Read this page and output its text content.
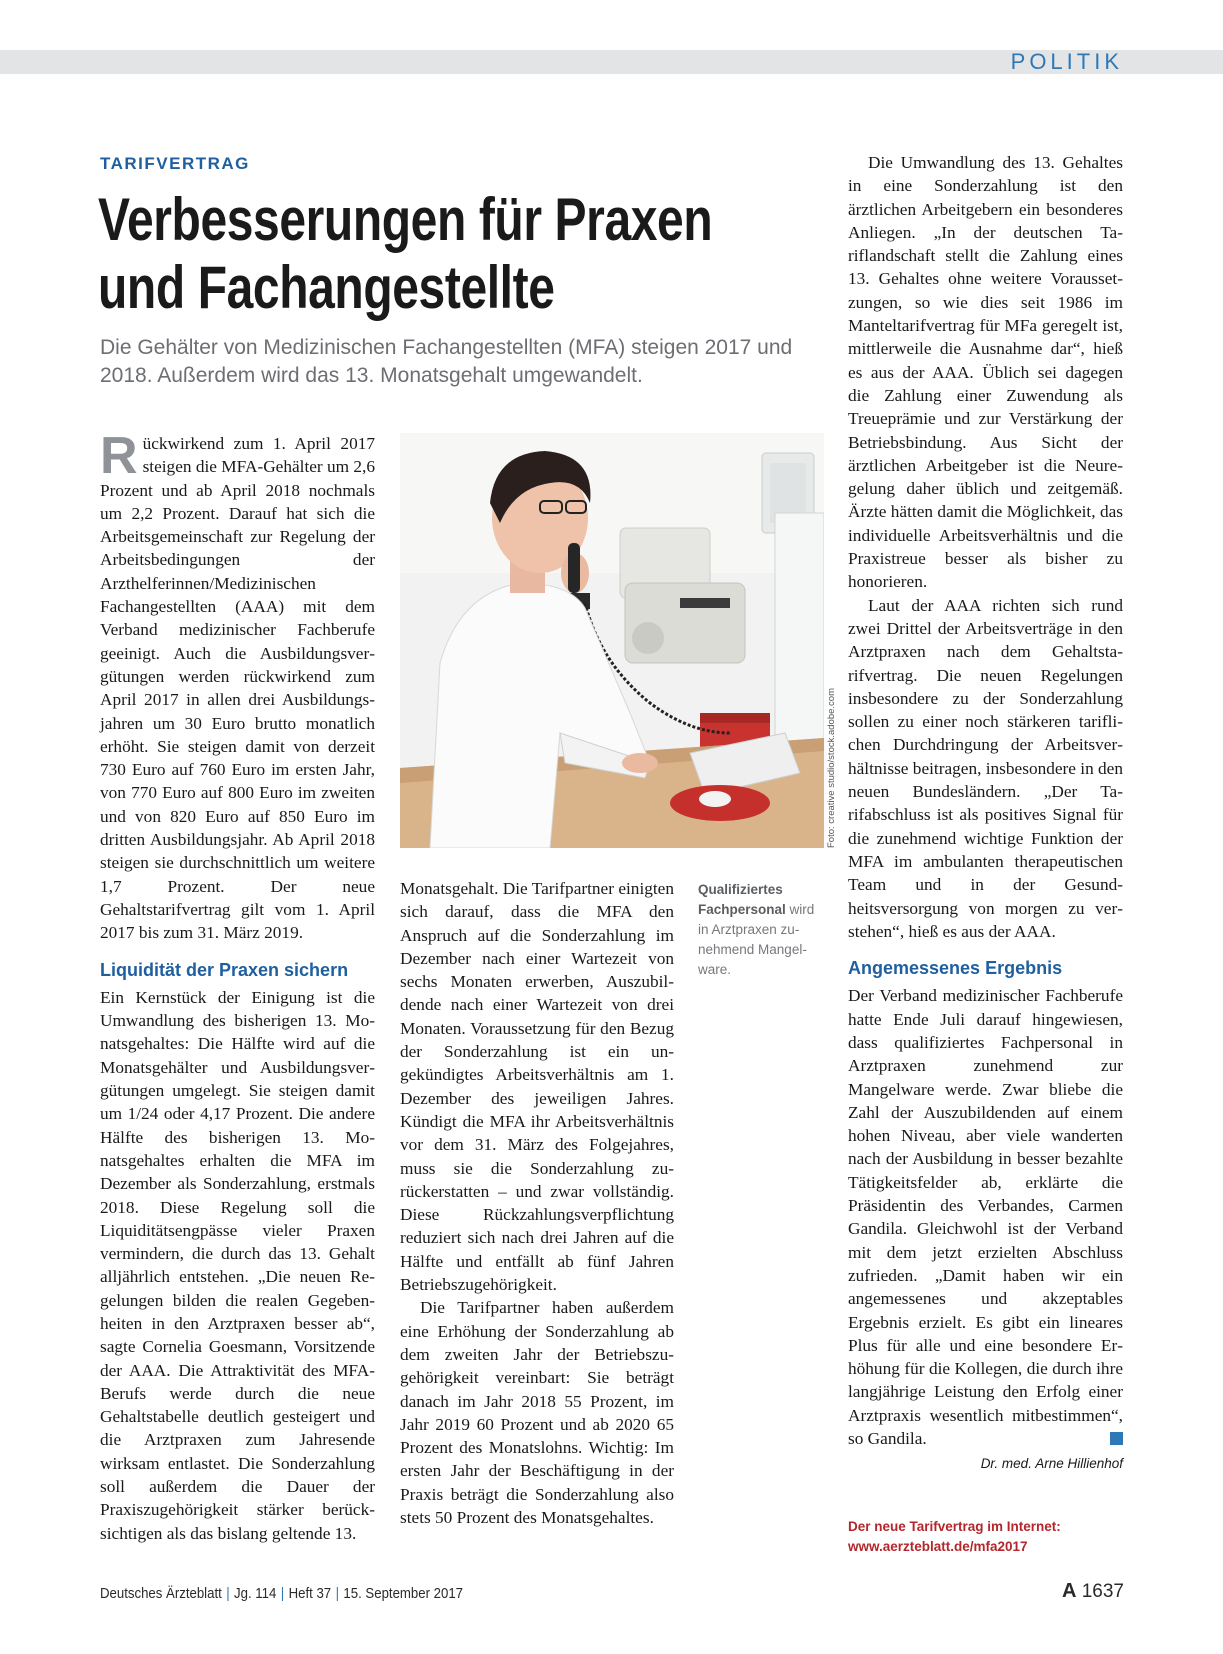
POLITIK
TARIFVERTRAG
Verbesserungen für Praxen
und Fachangestellte
Die Gehälter von Medizinischen Fachangestellten (MFA) steigen 2017 und 2018. Außerdem wird das 13. Monatsgehalt umgewandelt.

Rückwirkend zum 1. April 2017 steigen die MFA-Gehälter um 2,6 Prozent und ab April 2018 nochmals um 2,2 Prozent. Darauf hat sich die Arbeitsgemeinschaft zur Regelung der Arbeitsbedingungen der Arzthelferinnen/Medizinischen Fachangestellten (AAA) mit dem Verband medizinischer Fachberufe geeinigt. Auch die Ausbildungsvergütungen werden rückwirkend zum April 2017 in allen drei Ausbildungsjahren um 30 Euro brutto monatlich erhöht. Sie steigen damit von derzeit 730 Euro auf 760 Euro im ersten Jahr, von 770 Euro auf 800 Euro im zweiten und von 820 Euro auf 850 Euro im dritten Ausbildungsjahr. Ab April 2018 steigen sie durchschnittlich um weitere 1,7 Prozent. Der neue Gehaltstarifvertrag gilt vom 1. April 2017 bis zum 31. März 2019.

Liquidität der Praxen sichern

Ein Kernstück der Einigung ist die Umwandlung des bisherigen 13. Monatsgehaltes: Die Hälfte wird auf die Monatsgehälter und Ausbildungsvergütungen umgelegt. Sie steigen damit um 1/24 oder 4,17 Prozent. Die andere Hälfte des bisherigen 13. Monatsgehaltes erhalten die MFA im Dezember als Sonderzahlung, erstmals 2018. Diese Regelung soll die Liquiditätsengpässe vieler Praxen vermindern, die durch das 13. Gehalt alljährlich entstehen. „Die neuen Regelungen bilden die realen Gegebenheiten in den Arztpraxen besser ab“, sagte Cornelia Goesmann, Vorsitzende der AAA. Die Attraktivität des MFA-Berufs werde durch die neue Gehaltstabelle deutlich gesteigert und die Arztpraxen zum Jahresende wirksam entlastet. Die Sonderzahlung soll außerdem die Dauer der Praxiszugehörigkeit stärker berücksichtigen als das bislang geltende 13.

Foto: creative studio/stock.adobe.com
Qualifiziertes Fachpersonal wird in Arztpraxen zunehmend Mangelware.

Monatsgehalt. Die Tarifpartner einigten sich darauf, dass die MFA den Anspruch auf die Sonderzahlung im Dezember nach einer Wartezeit von sechs Monaten erwerben, Auszubildende nach einer Wartezeit von drei Monaten. Voraussetzung für den Bezug der Sonderzahlung ist ein ungekündigtes Arbeitsverhältnis am 1. Dezember des jeweiligen Jahres. Kündigt die MFA ihr Arbeitsverhältnis vor dem 31. März des Folgejahres, muss sie die Sonderzahlung zurückerstatten – und zwar vollständig. Diese Rückzahlungsverpflichtung reduziert sich nach drei Jahren auf die Hälfte und entfällt ab fünf Jahren Betriebszugehörigkeit.

Die Tarifpartner haben außerdem eine Erhöhung der Sonderzahlung ab dem zweiten Jahr der Betriebszugehörigkeit vereinbart: Sie beträgt danach im Jahr 2018 55 Prozent, im Jahr 2019 60 Prozent und ab 2020 65 Prozent des Monatslohns. Wichtig: Im ersten Jahr der Beschäftigung in der Praxis beträgt die Sonderzahlung also stets 50 Prozent des Monatsgehaltes.

Die Umwandlung des 13. Gehaltes in eine Sonderzahlung ist den ärztlichen Arbeitgebern ein besonderes Anliegen. „In der deutschen Tariflandschaft stellt die Zahlung eines 13. Gehaltes ohne weitere Voraussetzungen, so wie dies seit 1986 im Manteltarifvertrag für MFa geregelt ist, mittlerweile die Ausnahme dar“, hieß es aus der AAA. Üblich sei dagegen die Zahlung einer Zuwendung als Treueprämie und zur Verstärkung der Betriebsbindung. Aus Sicht der ärztlichen Arbeitgeber ist die Neuregelung daher üblich und zeitgemäß. Ärzte hätten damit die Möglichkeit, das individuelle Arbeitsverhältnis und die Praxistreue besser als bisher zu honorieren.

Laut der AAA richten sich rund zwei Drittel der Arbeitsverträge in den Arztpraxen nach dem Gehaltstarifvertrag. Die neuen Regelungen insbesondere zu der Sonderzahlung sollen zu einer noch stärkeren tariflichen Durchdringung der Arbeitsverhältnisse beitragen, insbesondere in den neuen Bundesländern. „Der Tarifabschluss ist als positives Signal für die zunehmend wichtige Funktion der MFA im ambulanten therapeutischen Team und in der Gesundheitsversorgung von morgen zu verstehen“, hieß es aus der AAA.

Angemessenes Ergebnis

Der Verband medizinischer Fachberufe hatte Ende Juli darauf hingewiesen, dass qualifiziertes Fachpersonal in Arztpraxen zunehmend zur Mangelware werde. Zwar bliebe die Zahl der Auszubildenden auf einem hohen Niveau, aber viele wanderten nach der Ausbildung in besser bezahlte Tätigkeitsfelder ab, erklärte die Präsidentin des Verbandes, Carmen Gandila. Gleichwohl ist der Verband mit dem jetzt erzielten Abschluss zufrieden. „Damit haben wir ein angemessenes und akzeptables Ergebnis erzielt. Es gibt ein lineares Plus für alle und eine besondere Erhöhung für die Kollegen, die durch ihre langjährige Leistung den Erfolg einer Arztpraxis wesentlich mitbestimmen“, so Gandila.

Dr. med. Arne Hillienhof

Der neue Tarifvertrag im Internet:
www.aerzteblatt.de/mfa2017
Deutsches Ärzteblatt | Jg. 114 | Heft 37 | 15. September 2017	A 1637
